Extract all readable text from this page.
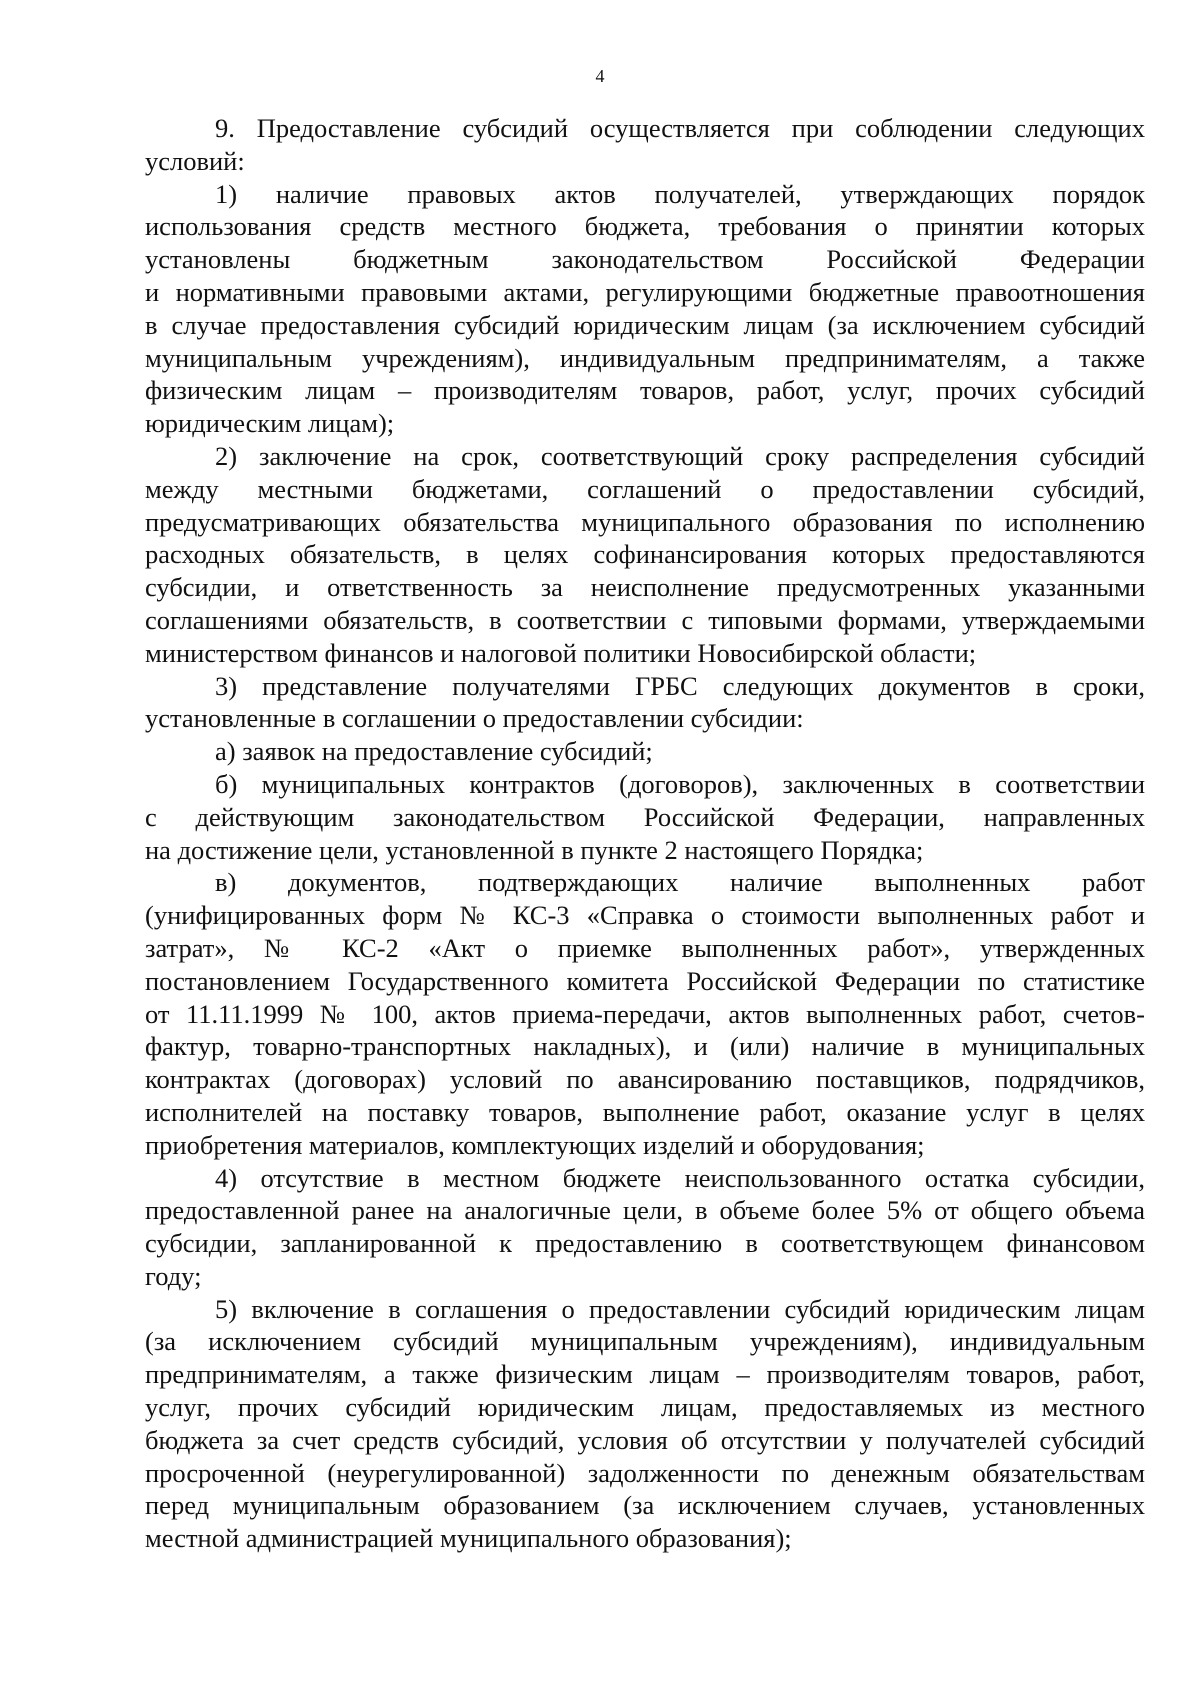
4
9. Предоставление субсидий осуществляется при соблюдении следующих
условий:
1) наличие правовых актов получателей, утверждающих порядок
использования средств местного бюджета, требования о принятии которых
установлены бюджетным законодательством Российской Федерации
и нормативными правовыми актами, регулирующими бюджетные правоотношения
в случае предоставления субсидий юридическим лицам (за исключением субсидий
муниципальным учреждениям), индивидуальным предпринимателям, а также
физическим лицам – производителям товаров, работ, услуг, прочих субсидий
юридическим лицам);
2) заключение на срок, соответствующий сроку распределения субсидий
между местными бюджетами, соглашений о предоставлении субсидий,
предусматривающих обязательства муниципального образования по исполнению
расходных обязательств, в целях софинансирования которых предоставляются
субсидии, и ответственность за неисполнение предусмотренных указанными
соглашениями обязательств, в соответствии с типовыми формами, утверждаемыми
министерством финансов и налоговой политики Новосибирской области;
3) представление получателями ГРБС следующих документов в сроки,
установленные в соглашении о предоставлении субсидии:
а) заявок на предоставление субсидий;
б) муниципальных контрактов (договоров), заключенных в соответствии
с действующим законодательством Российской Федерации, направленных
на достижение цели, установленной в пункте 2 настоящего Порядка;
в) документов, подтверждающих наличие выполненных работ
(унифицированных форм № КС-3 «Справка о стоимости выполненных работ и
затрат», № КС-2 «Акт о приемке выполненных работ», утвержденных
постановлением Государственного комитета Российской Федерации по статистике
от 11.11.1999 № 100, актов приема-передачи, актов выполненных работ, счетов-
фактур, товарно-транспортных накладных), и (или) наличие в муниципальных
контрактах (договорах) условий по авансированию поставщиков, подрядчиков,
исполнителей на поставку товаров, выполнение работ, оказание услуг в целях
приобретения материалов, комплектующих изделий и оборудования;
4) отсутствие в местном бюджете неиспользованного остатка субсидии,
предоставленной ранее на аналогичные цели, в объеме более 5% от общего объема
субсидии, запланированной к предоставлению в соответствующем финансовом
году;
5) включение в соглашения о предоставлении субсидий юридическим лицам
(за исключением субсидий муниципальным учреждениям), индивидуальным
предпринимателям, а также физическим лицам – производителям товаров, работ,
услуг, прочих субсидий юридическим лицам, предоставляемых из местного
бюджета за счет средств субсидий, условия об отсутствии у получателей субсидий
просроченной (неурегулированной) задолженности по денежным обязательствам
перед муниципальным образованием (за исключением случаев, установленных
местной администрацией муниципального образования);
